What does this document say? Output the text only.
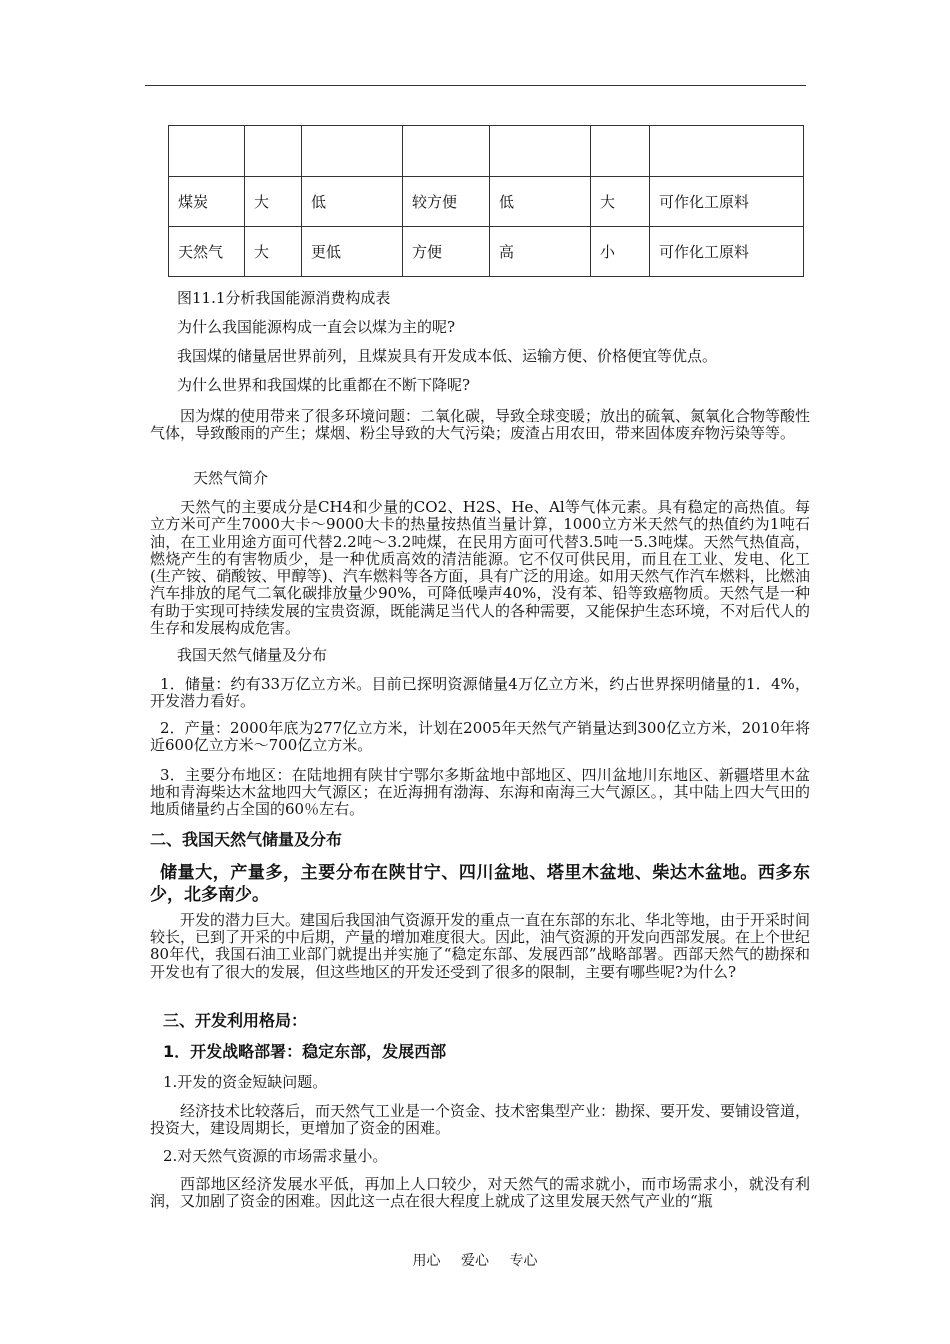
煤炭	大	低	较方便	低	大	可作化工原料
天然气	大	更低	方便	高	小	可作化工原料

图11.1分析我国能源消费构成表

为什么我国能源构成一直会以煤为主的呢?

我国煤的储量居世界前列，且煤炭具有开发成本低、运输方便、价格便宜等优点。

为什么世界和我国煤的比重都在不断下降呢?

因为煤的使用带来了很多环境问题：二氧化碳，导致全球变暖；放出的硫氧、氮氧化合物等酸性气体，导致酸雨的产生；煤烟、粉尘导致的大气污染；废渣占用农田，带来固体废弃物污染等等。

天然气简介

天然气的主要成分是CH4和少量的CO2、H2S、He、Al等气体元素。具有稳定的高热值。每立方米可产生7000大卡～9000大卡的热量按热值当量计算，1000立方米天然气的热值约为1吨石油，在工业用途方面可代替2.2吨～3.2吨煤，在民用方面可代替3.5吨一5.3吨煤。天然气热值高，燃烧产生的有害物质少，是一种优质高效的清洁能源。它不仅可供民用，而且在工业、发电、化工(生产铵、硝酸铵、甲醇等)、汽车燃料等各方面，具有广泛的用途。如用天然气作汽车燃料，比燃油汽车排放的尾气二氧化碳排放量少90%，可降低噪声40%，没有苯、铅等致癌物质。天然气是一种有助于实现可持续发展的宝贵资源，既能满足当代人的各种需要，又能保护生态环境，不对后代人的生存和发展构成危害。

我国天然气储量及分布

1．储量：约有33万亿立方米。目前已探明资源储量4万亿立方米，约占世界探明储量的1．4%，开发潜力看好。

2．产量：2000年底为277亿立方米，计划在2005年天然气产销量达到300亿立方米，2010年将近600亿立方米～700亿立方米。

3．主要分布地区：在陆地拥有陕甘宁鄂尔多斯盆地中部地区、四川盆地川东地区、新疆塔里木盆地和青海柴达木盆地四大气源区；在近海拥有渤海、东海和南海三大气源区。，其中陆上四大气田的地质储量约占全国的60％左右。

二、我国天然气储量及分布

储量大，产量多，主要分布在陕甘宁、四川盆地、塔里木盆地、柴达木盆地。西多东少，北多南少。

开发的潜力巨大。建国后我国油气资源开发的重点一直在东部的东北、华北等地，由于开采时间较长，已到了开采的中后期，产量的增加难度很大。因此，油气资源的开发向西部发展。在上个世纪80年代，我国石油工业部门就提出并实施了“稳定东部、发展西部”战略部署。西部天然气的勘探和开发也有了很大的发展，但这些地区的开发还受到了很多的限制，主要有哪些呢?为什么?

三、开发利用格局：

1．开发战略部署：稳定东部，发展西部

1.开发的资金短缺问题。

经济技术比较落后，而天然气工业是一个资金、技术密集型产业：勘探、要开发、要铺设管道，投资大，建设周期长，更增加了资金的困难。

2.对天然气资源的市场需求量小。

西部地区经济发展水平低，再加上人口较少，对天然气的需求就小，而市场需求小，就没有利润，又加剧了资金的困难。因此这一点在很大程度上就成了这里发展天然气产业的“瓶

用心 爱心 专心
